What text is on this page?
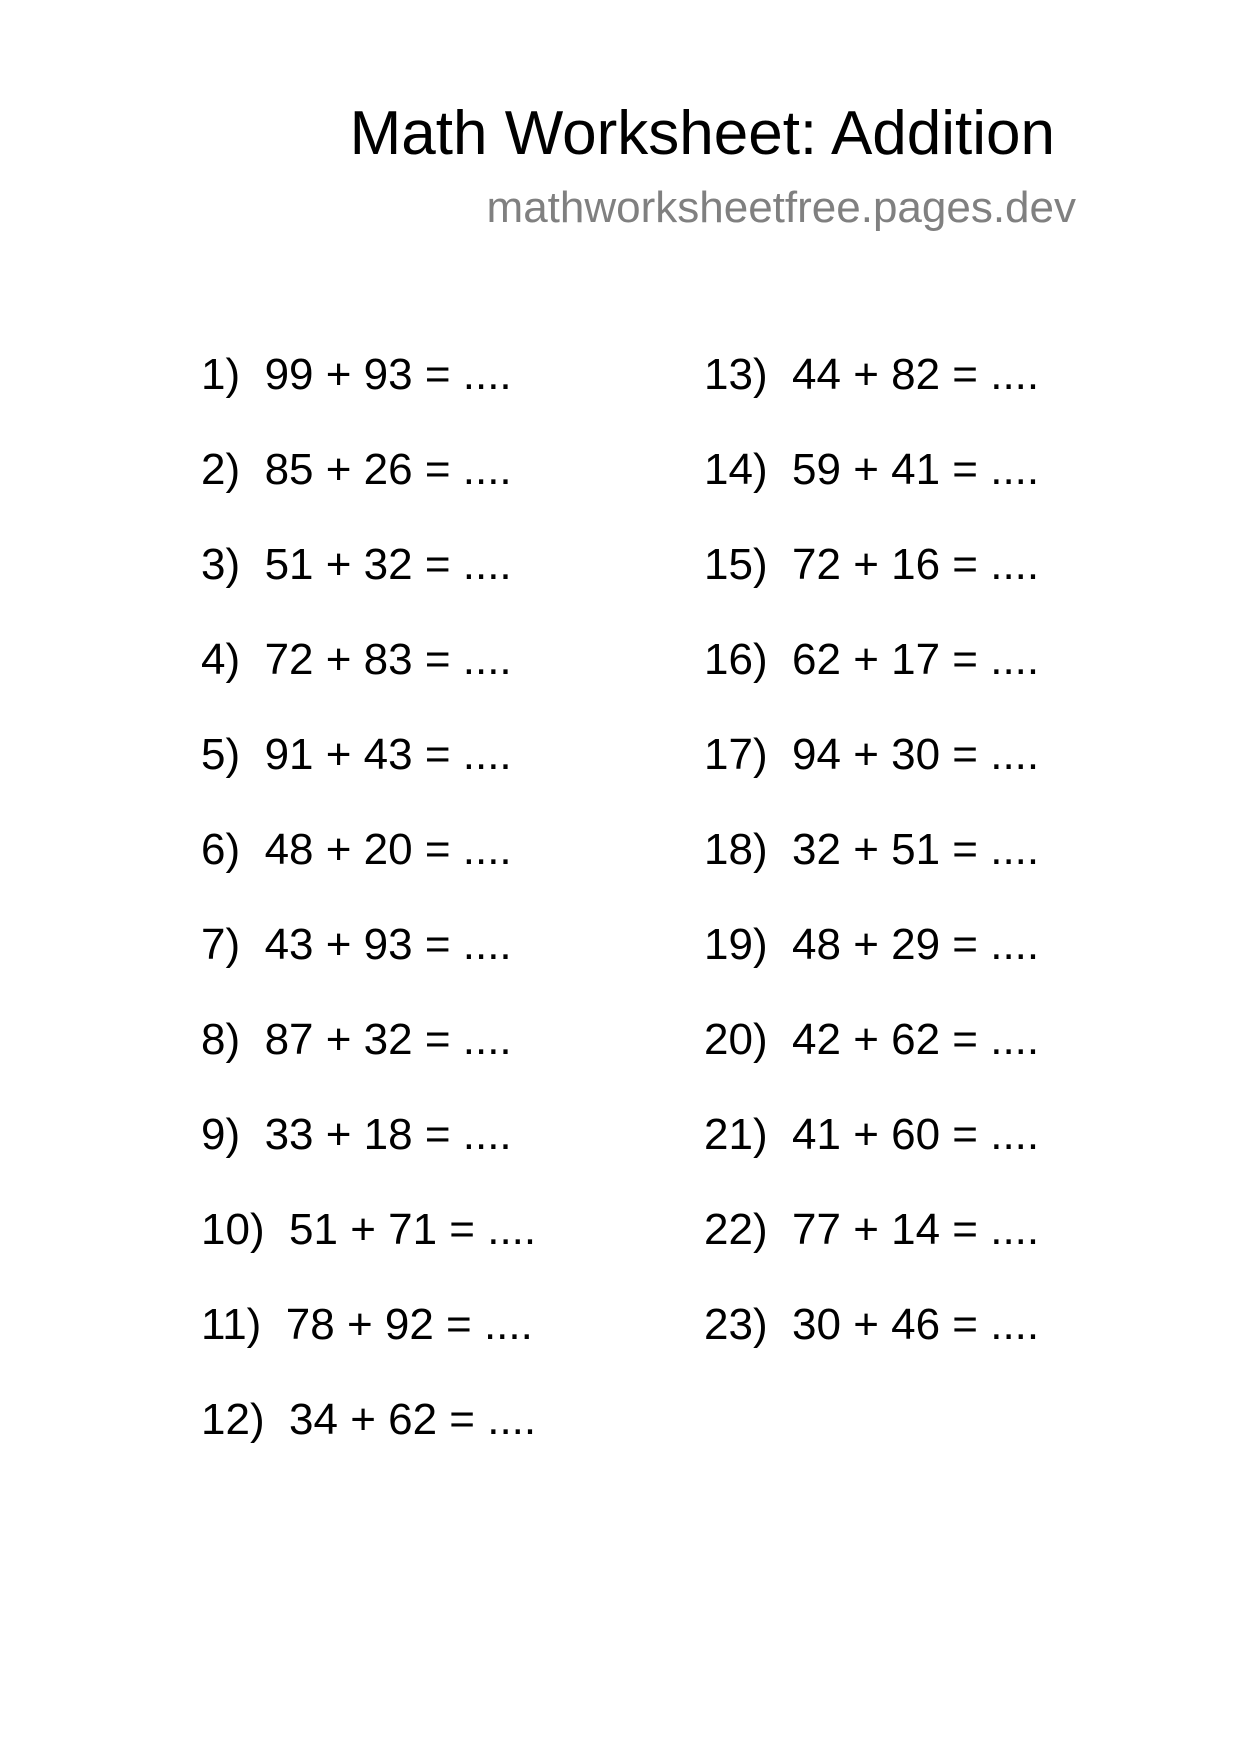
Math Worksheet: Addition
mathworksheetfree.pages.dev
1) 99 + 93 = ....
2) 85 + 26 = ....
3) 51 + 32 = ....
4) 72 + 83 = ....
5) 91 + 43 = ....
6) 48 + 20 = ....
7) 43 + 93 = ....
8) 87 + 32 = ....
9) 33 + 18 = ....
10) 51 + 71 = ....
11) 78 + 92 = ....
12) 34 + 62 = ....
13) 44 + 82 = ....
14) 59 + 41 = ....
15) 72 + 16 = ....
16) 62 + 17 = ....
17) 94 + 30 = ....
18) 32 + 51 = ....
19) 48 + 29 = ....
20) 42 + 62 = ....
21) 41 + 60 = ....
22) 77 + 14 = ....
23) 30 + 46 = ....
